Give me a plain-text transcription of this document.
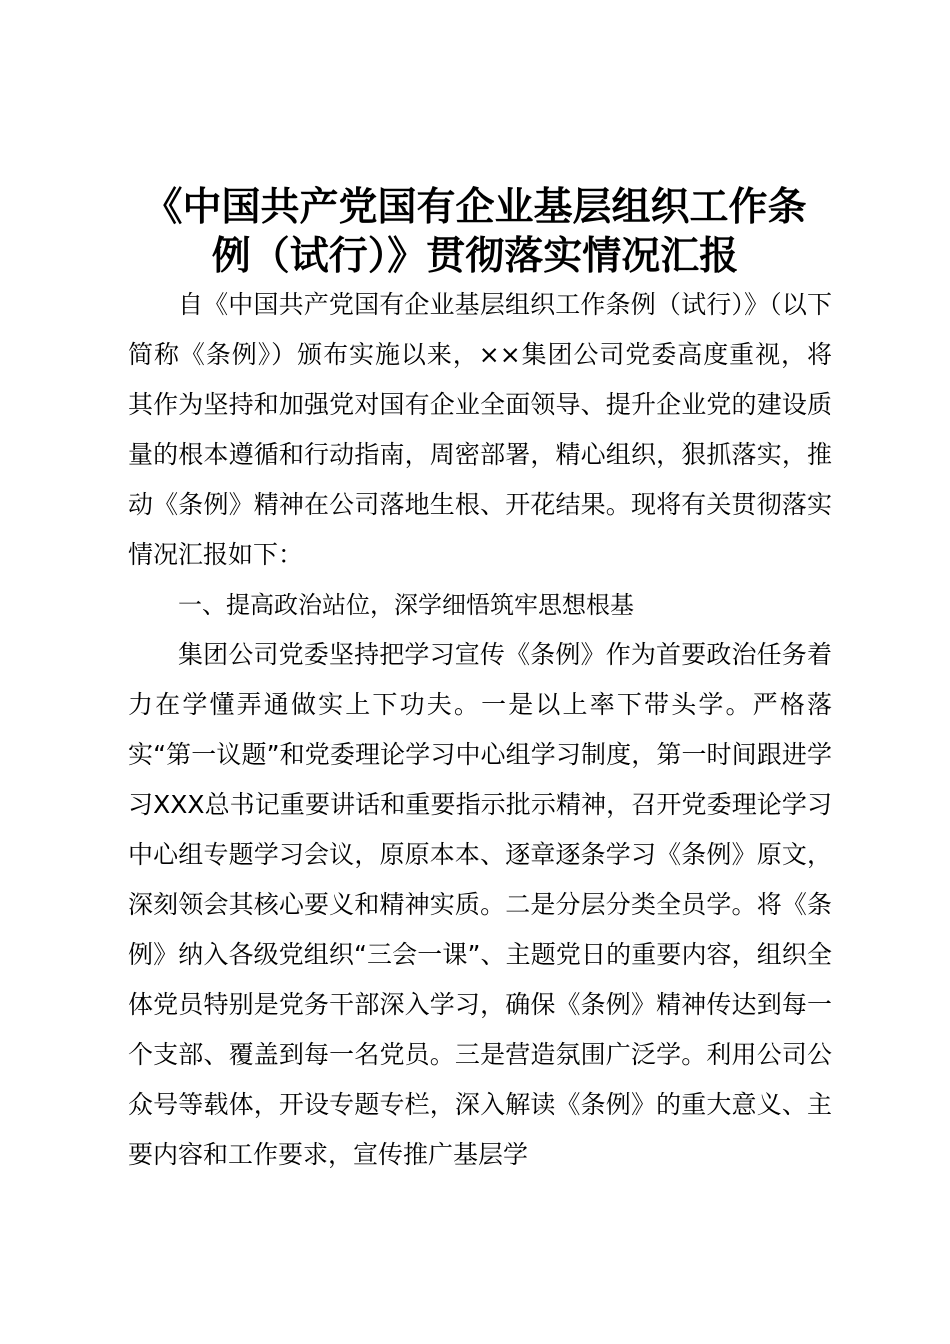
《中国共产党国有企业基层组织工作条
例（试行）》贯彻落实情况汇报

自《中国共产党国有企业基层组织工作条例（试行）》（以下简称《条例》）颁布实施以来，××集团公司党委高度重视，将其作为坚持和加强党对国有企业全面领导、提升企业党的建设质量的根本遵循和行动指南，周密部署，精心组织，狠抓落实，推动《条例》精神在公司落地生根、开花结果。现将有关贯彻落实情况汇报如下：

一、提高政治站位，深学细悟筑牢思想根基

集团公司党委坚持把学习宣传《条例》作为首要政治任务着力在学懂弄通做实上下功夫。一是以上率下带头学。严格落实“第一议题”和党委理论学习中心组学习制度，第一时间跟进学习XXX总书记重要讲话和重要指示批示精神，召开党委理论学习中心组专题学习会议，原原本本、逐章逐条学习《条例》原文，深刻领会其核心要义和精神实质。二是分层分类全员学。将《条例》纳入各级党组织“三会一课”、主题党日的重要内容，组织全体党员特别是党务干部深入学习，确保《条例》精神传达到每一个支部、覆盖到每一名党员。三是营造氛围广泛学。利用公司公众号等载体，开设专题专栏，深入解读《条例》的重大意义、主要内容和工作要求，宣传推广基层学
